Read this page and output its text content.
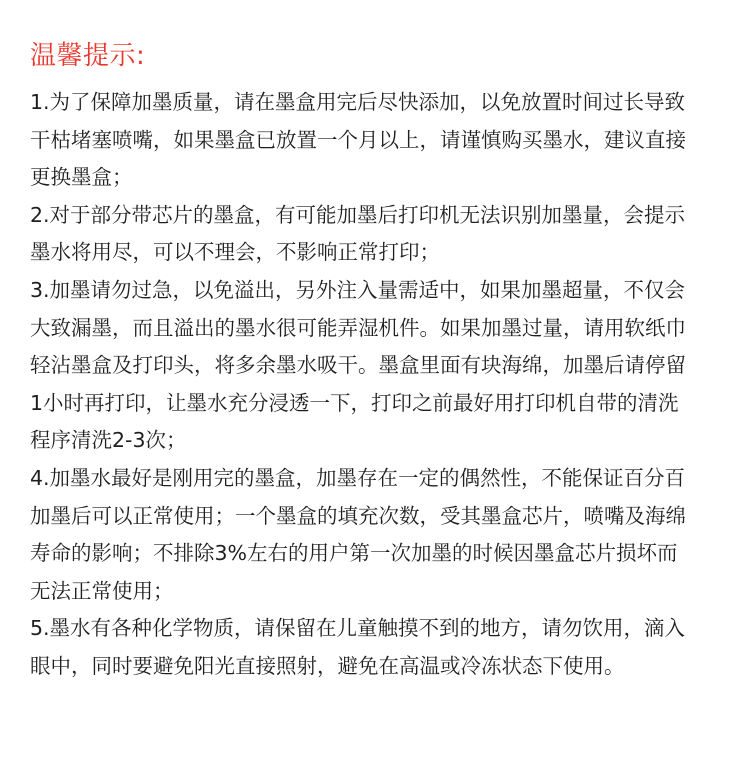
温馨提示:
1.为了保障加墨质量，请在墨盒用完后尽快添加，以免放置时间过长导致
干枯堵塞喷嘴，如果墨盒已放置一个月以上，请谨慎购买墨水，建议直接
更换墨盒；
2.对于部分带芯片的墨盒，有可能加墨后打印机无法识别加墨量，会提示
墨水将用尽，可以不理会，不影响正常打印；
3.加墨请勿过急，以免溢出，另外注入量需适中，如果加墨超量，不仅会
大致漏墨，而且溢出的墨水很可能弄湿机件。如果加墨过量，请用软纸巾
轻沾墨盒及打印头，将多余墨水吸干。墨盒里面有块海绵，加墨后请停留
1小时再打印，让墨水充分浸透一下，打印之前最好用打印机自带的清洗
程序清洗2-3次；
4.加墨水最好是刚用完的墨盒，加墨存在一定的偶然性，不能保证百分百
加墨后可以正常使用；一个墨盒的填充次数，受其墨盒芯片，喷嘴及海绵
寿命的影响；不排除3%左右的用户第一次加墨的时候因墨盒芯片损坏而
无法正常使用；
5.墨水有各种化学物质，请保留在儿童触摸不到的地方，请勿饮用，滴入
眼中，同时要避免阳光直接照射，避免在高温或冷冻状态下使用。
